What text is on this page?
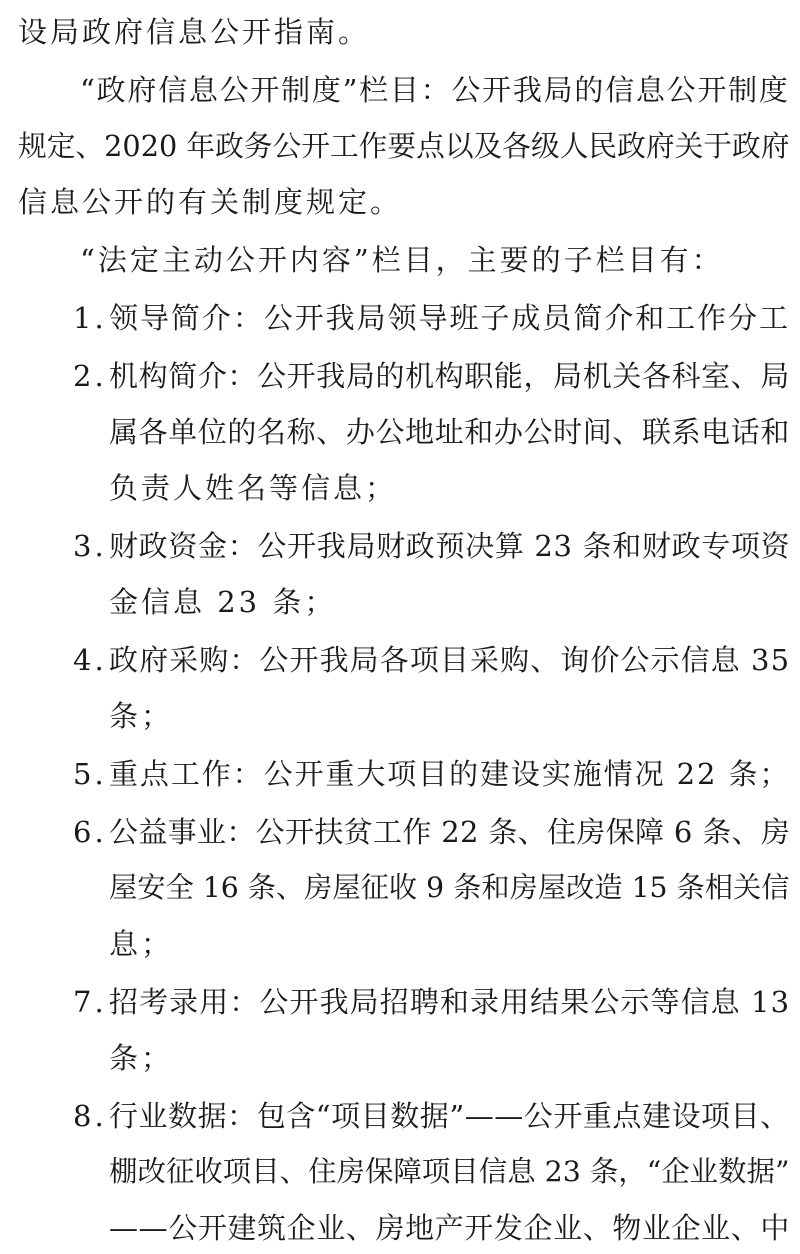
设局政府信息公开指南。
“政府信息公开制度”栏目：公开我局的信息公开制度
规定、2020 年政务公开工作要点以及各级人民政府关于政府
信息公开的有关制度规定。
“法定主动公开内容”栏目，主要的子栏目有：
1. 领导简介：公开我局领导班子成员简介和工作分工
2. 机构简介：公开我局的机构职能，局机关各科室、局
属各单位的名称、办公地址和办公时间、联系电话和
负责人姓名等信息；
3. 财政资金：公开我局财政预决算 23 条和财政专项资
金信息 23 条；
4. 政府采购：公开我局各项目采购、询价公示信息 35
条；
5. 重点工作：公开重大项目的建设实施情况 22 条；
6. 公益事业：公开扶贫工作 22 条、住房保障 6 条、房
屋安全 16 条、房屋征收 9 条和房屋改造 15 条相关信
息；
7. 招考录用：公开我局招聘和录用结果公示等信息 13
条；
8. 行业数据：包含“项目数据”——公开重点建设项目、
棚改征收项目、住房保障项目信息 23 条，“企业数据”
——公开建筑企业、房地产开发企业、物业企业、中
